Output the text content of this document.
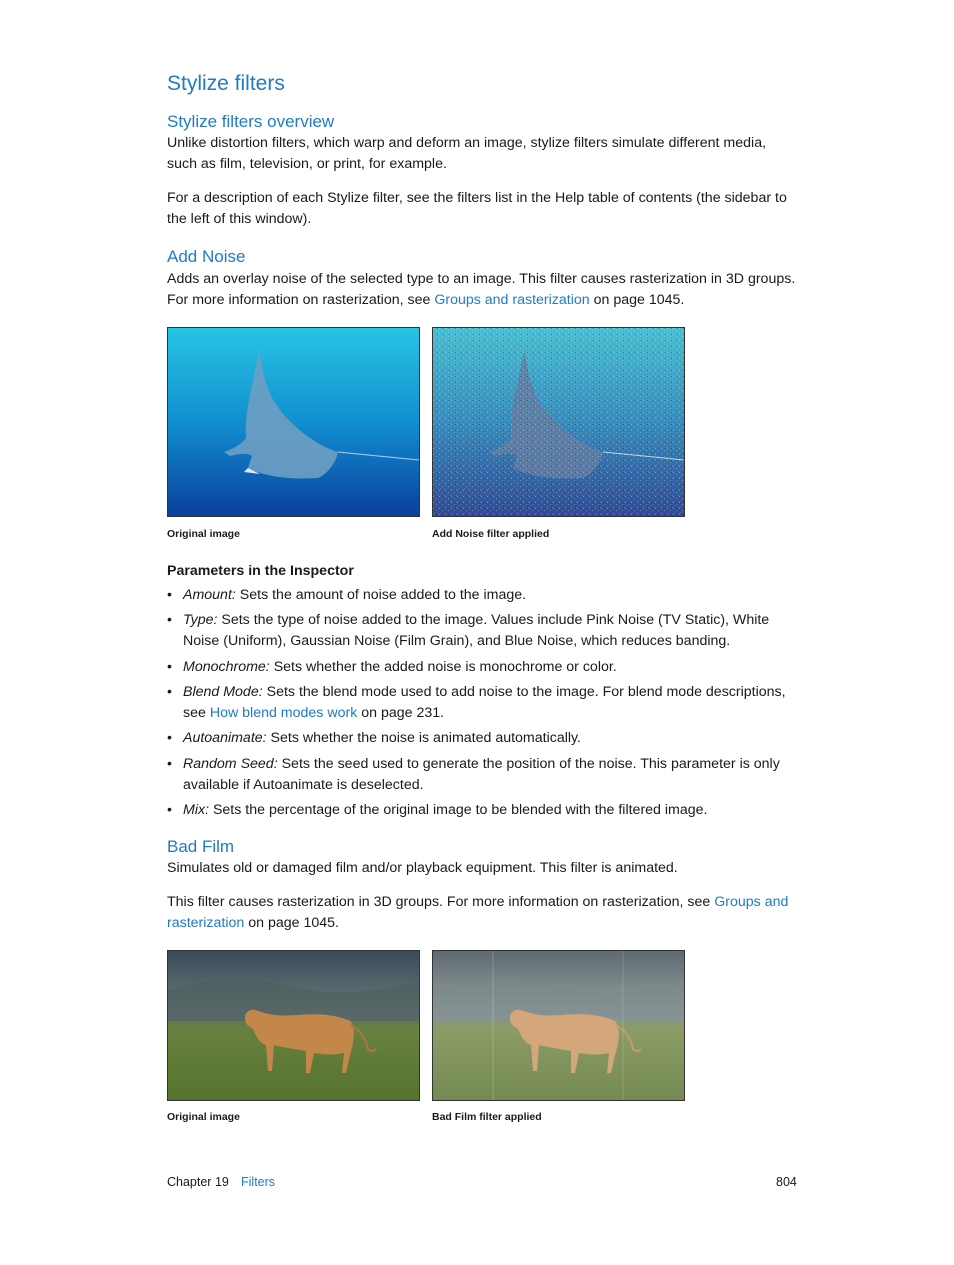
Stylize filters
Stylize filters overview
Unlike distortion filters, which warp and deform an image, stylize filters simulate different media, such as film, television, or print, for example.
For a description of each Stylize filter, see the filters list in the Help table of contents (the sidebar to the left of this window).
Add Noise
Adds an overlay noise of the selected type to an image. This filter causes rasterization in 3D groups. For more information on rasterization, see Groups and rasterization on page 1045.
Original image	Add Noise filter applied
Parameters in the Inspector
• Amount: Sets the amount of noise added to the image.
• Type: Sets the type of noise added to the image. Values include Pink Noise (TV Static), White Noise (Uniform), Gaussian Noise (Film Grain), and Blue Noise, which reduces banding.
• Monochrome: Sets whether the added noise is monochrome or color.
• Blend Mode: Sets the blend mode used to add noise to the image. For blend mode descriptions, see How blend modes work on page 231.
• Autoanimate: Sets whether the noise is animated automatically.
• Random Seed: Sets the seed used to generate the position of the noise. This parameter is only available if Autoanimate is deselected.
• Mix: Sets the percentage of the original image to be blended with the filtered image.
Bad Film
Simulates old or damaged film and/or playback equipment. This filter is animated.
This filter causes rasterization in 3D groups. For more information on rasterization, see Groups and rasterization on page 1045.
Original image	Bad Film filter applied
Chapter 19 Filters	804
